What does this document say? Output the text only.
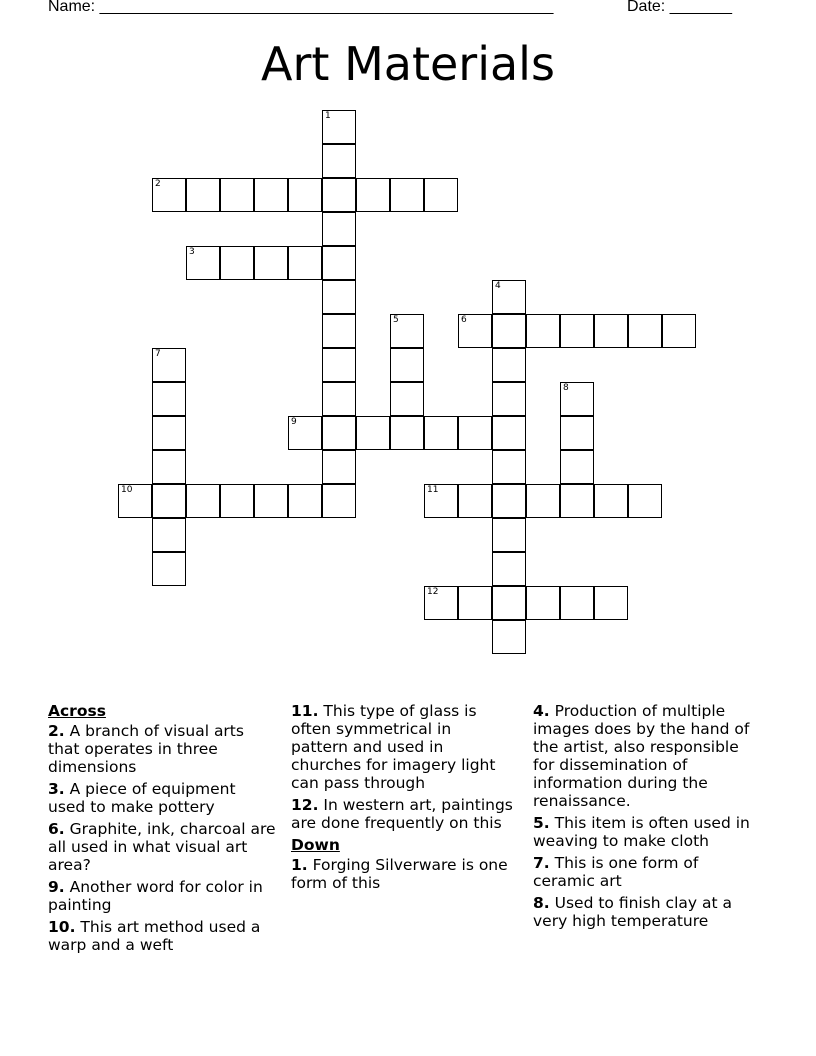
Name: ___________________________________________________	Date: _______
Art Materials
1
2
3
4
5	6
7
8
9
10	11
12
Across
2. A branch of visual arts that operates in three dimensions
3. A piece of equipment used to make pottery
6. Graphite, ink, charcoal are all used in what visual art area?
9. Another word for color in painting
10. This art method used a warp and a weft
11. This type of glass is often symmetrical in pattern and used in churches for imagery light can pass through
12. In western art, paintings are done frequently on this
Down
1. Forging Silverware is one form of this
4. Production of multiple images does by the hand of the artist, also responsible for dissemination of information during the renaissance.
5. This item is often used in weaving to make cloth
7. This is one form of ceramic art
8. Used to finish clay at a very high temperature
